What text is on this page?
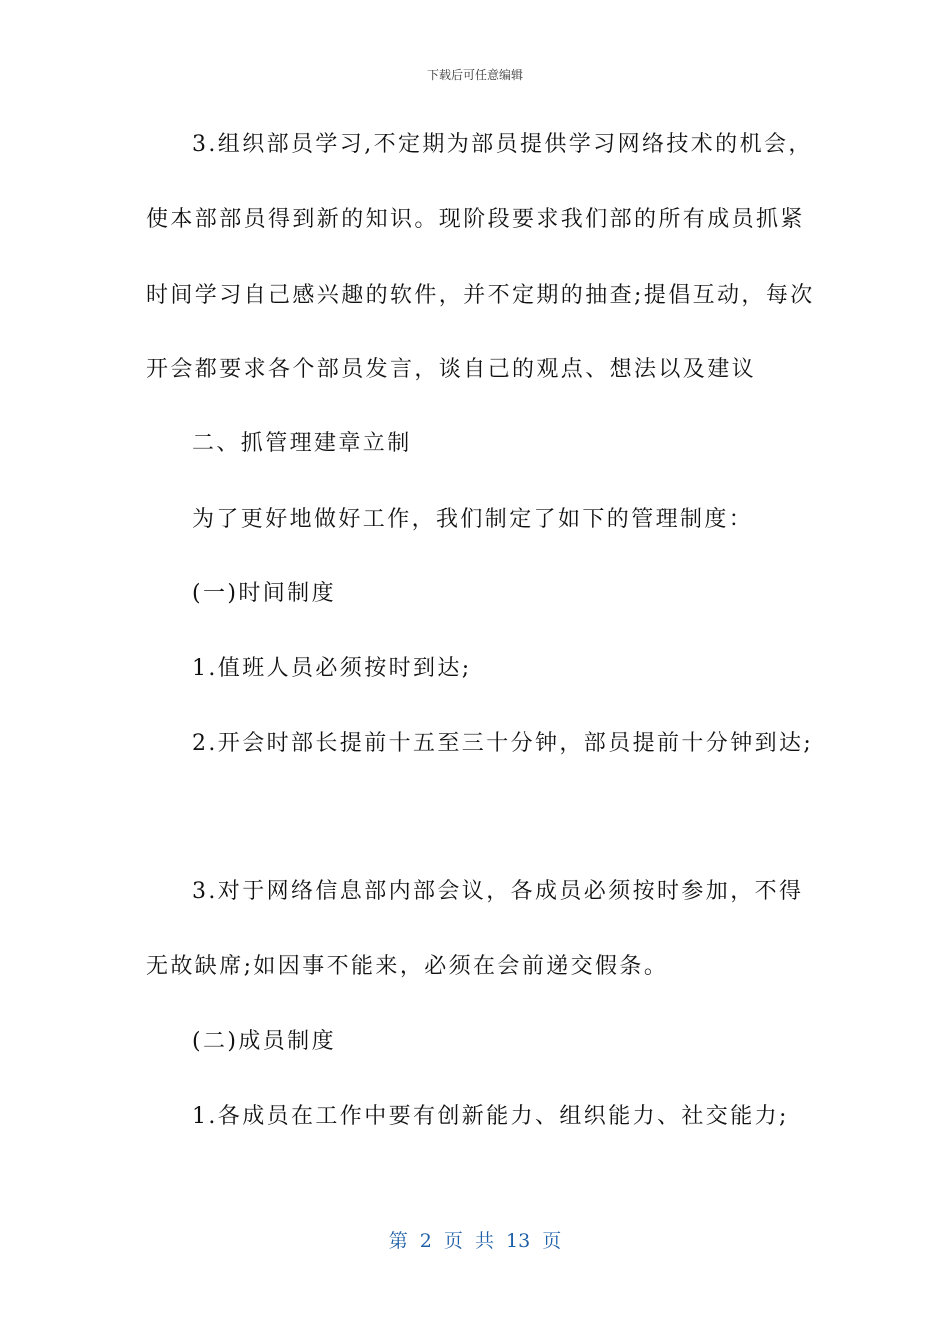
下载后可任意编辑
3.组织部员学习,不定期为部员提供学习网络技术的机会，
使本部部员得到新的知识。现阶段要求我们部的所有成员抓紧
时间学习自己感兴趣的软件，并不定期的抽查;提倡互动，每次
开会都要求各个部员发言，谈自己的观点、想法以及建议
二、抓管理建章立制
为了更好地做好工作，我们制定了如下的管理制度：
(一)时间制度
1.值班人员必须按时到达;
2.开会时部长提前十五至三十分钟，部员提前十分钟到达;
3.对于网络信息部内部会议，各成员必须按时参加，不得
无故缺席;如因事不能来，必须在会前递交假条。
(二)成员制度
1.各成员在工作中要有创新能力、组织能力、社交能力;
第 2 页 共 13 页
